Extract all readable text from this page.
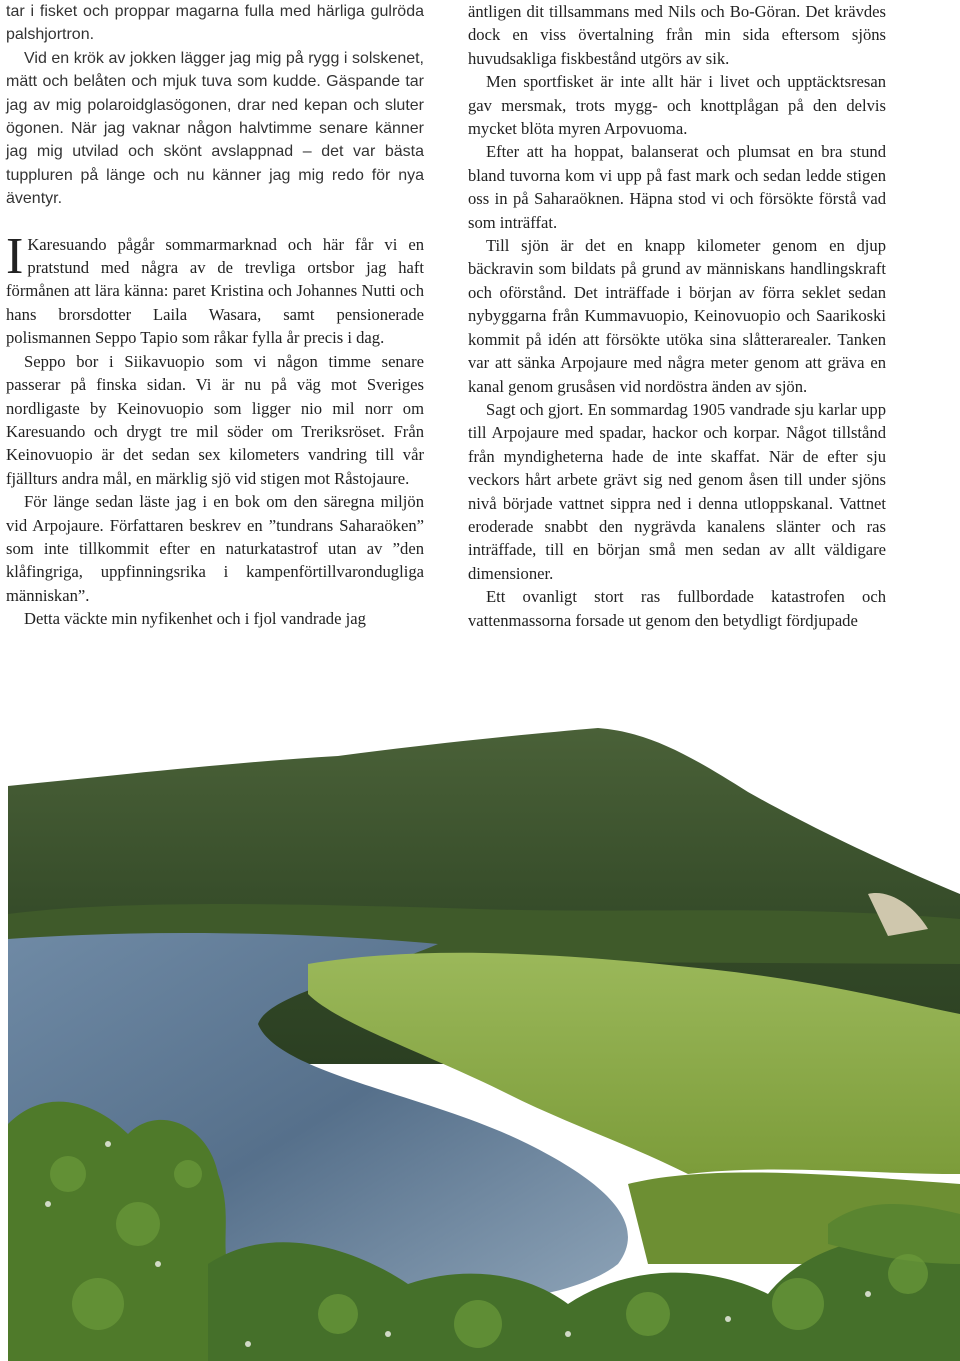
tar i fisket och proppar magarna fulla med härliga gulröda palshjortron.

Vid en krök av jokken lägger jag mig på rygg i solskenet, mätt och belåten och mjuk tuva som kudde. Gäspande tar jag av mig polaroidglasögonen, drar ned kepan och sluter ögonen. När jag vaknar någon halvtimme senare känner jag mig utvilad och skönt avslappnad – det var bästa tuppluren på länge och nu känner jag mig redo för nya äventyr.

I Karesuando pågår sommarmarknad och här får vi en pratstund med några av de trevliga ortsbor jag haft förmånen att lära känna: paret Kristina och Johannes Nutti och hans brorsdotter Laila Wasara, samt pensionerade polismannen Seppo Tapio som råkar fylla år precis i dag.

Seppo bor i Siikavuopio som vi någon timme senare passerar på finska sidan. Vi är nu på väg mot Sveriges nordligaste by Keinovuopio som ligger nio mil norr om Karesuando och drygt tre mil söder om Treriksröset. Från Keinovuopio är det sedan sex kilometers vandring till vår fjällturs andra mål, en märklig sjö vid stigen mot Råstojaure.

För länge sedan läste jag i en bok om den säregna miljön vid Arpojaure. Författaren beskrev en ”tundrans Saharaöken” som inte tillkommit efter en naturkatastrof utan av ”den klåfingriga, uppfinningsrika i kampenförtillvarondugliga människan”.

Detta väckte min nyfikenhet och i fjol vandrade jag

äntligen dit tillsammans med Nils och Bo-Göran. Det krävdes dock en viss övertalning från min sida eftersom sjöns huvudsakliga fiskbestånd utgörs av sik.

Men sportfisket är inte allt här i livet och upptäcktsresan gav mersmak, trots mygg- och knottplågan på den delvis mycket blöta myren Arpovuoma.

Efter att ha hoppat, balanserat och plumsat en bra stund bland tuvorna kom vi upp på fast mark och sedan ledde stigen oss in på Saharaöknen. Häpna stod vi och försökte förstå vad som inträffat.

Till sjön är det en knapp kilometer genom en djup bäckravin som bildats på grund av människans handlingskraft och oförstånd. Det inträffade i början av förra seklet sedan nybyggarna från Kummavuopio, Keinovuopio och Saarikoski kommit på idén att försökte utöka sina slåtterarealer. Tanken var att sänka Arpojaure med några meter genom att gräva en kanal genom grusåsen vid nordöstra änden av sjön.

Sagt och gjort. En sommardag 1905 vandrade sju karlar upp till Arpojaure med spadar, hackor och korpar. Något tillstånd från myndigheterna hade de inte skaffat. När de efter sju veckors hårt arbete grävt sig ned genom åsen till under sjöns nivå började vattnet sippra ned i denna utloppskanal. Vattnet eroderade snabbt den nygrävda kanalens slänter och ras inträffade, till en början små men sedan av allt väldigare dimensioner.

Ett ovanligt stort ras fullbordade katastrofen och vattenmassorna forsade ut genom den betydligt fördjupade
